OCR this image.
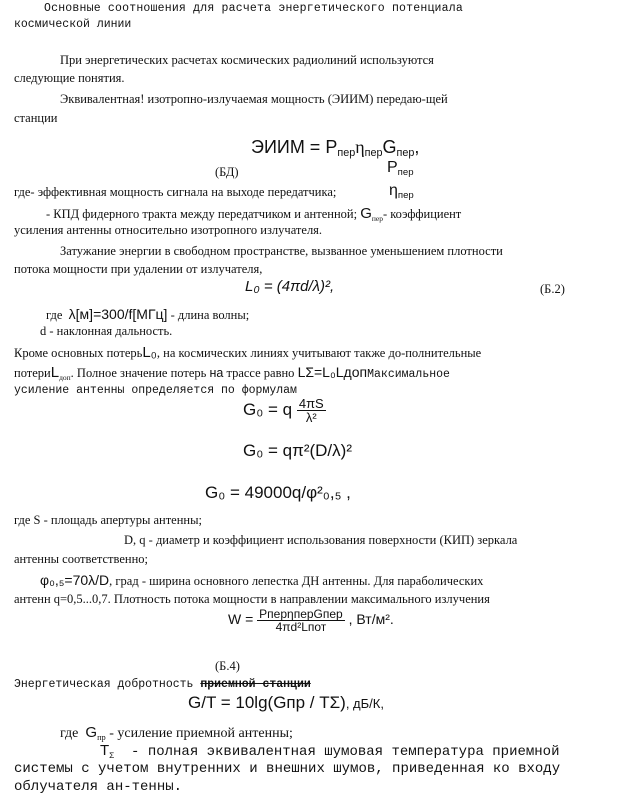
Основные соотношения для расчета энергетического потенциала
космической линии
При энергетических расчетах космических радиолиний используются
следующие понятия.
Эквивалентная! изотропно-излучаемая мощность (ЭИИМ) передаю-щей
станции
ЭИИМ = $P_{пер}\eta_{пер}G_{пер}$,
(БД)	$P_{пер}$
где- эффективная мощность сигнала на выходе передатчика;	$\eta_{пер}$
- КПД фидерного тракта между передатчиком и антенной; $G_{пер}-$ коэффициент
усиления антенны относительно изотропного излучателя.
Затужание энергии в свободном пространстве, вызванное уменьшением плотности
потока мощности при удалении от излучателя,
L₀ = (4πd/λ)²,	(Б.2)
где λ[м]=300/f[МГц] - длина волны;
d - наклонная дальность.
Кроме основных потерьL₀, на космических линиях учитывают также до-полнительные
потериL$_{доп}$. Полное значение потерь на трассе равно LΣ=L₀LдопМаксимальное
усиление антенны определяется по формулам
G₀ = q $\frac{4\pi S}{\text{λ²}}$
G₀ = qπ²(D/λ)²
G₀ = 49000q/φ²₀,₅ ,
где S - площадь апертуры антенны;
D, q - диаметр и коэффициент использования поверхности (КИП) зеркала
антенны соответственно;
φ₀,₅=70λ/D, град - ширина основного лепестка ДН антенны. Для параболических
антенн q=0,5...0,7. Плотность потока мощности в направлении максимального излучения
$W = \frac{\text{PперηперGпер}}{\text{4πd²Lпот}}$ , Вт/м².
(Б.4)
Энергетическая добротность приемной станции
G/T = 10lg(Gпр / TΣ), дБ/К,
где $G_{пр}$ - усиление приемной антенны;
$T_\Sigma$ - полная эквивалентная шумовая температура приемной
системы с учетом внутренних и внешних шумов, приведенная ко входу
облучателя ан-тенны.
